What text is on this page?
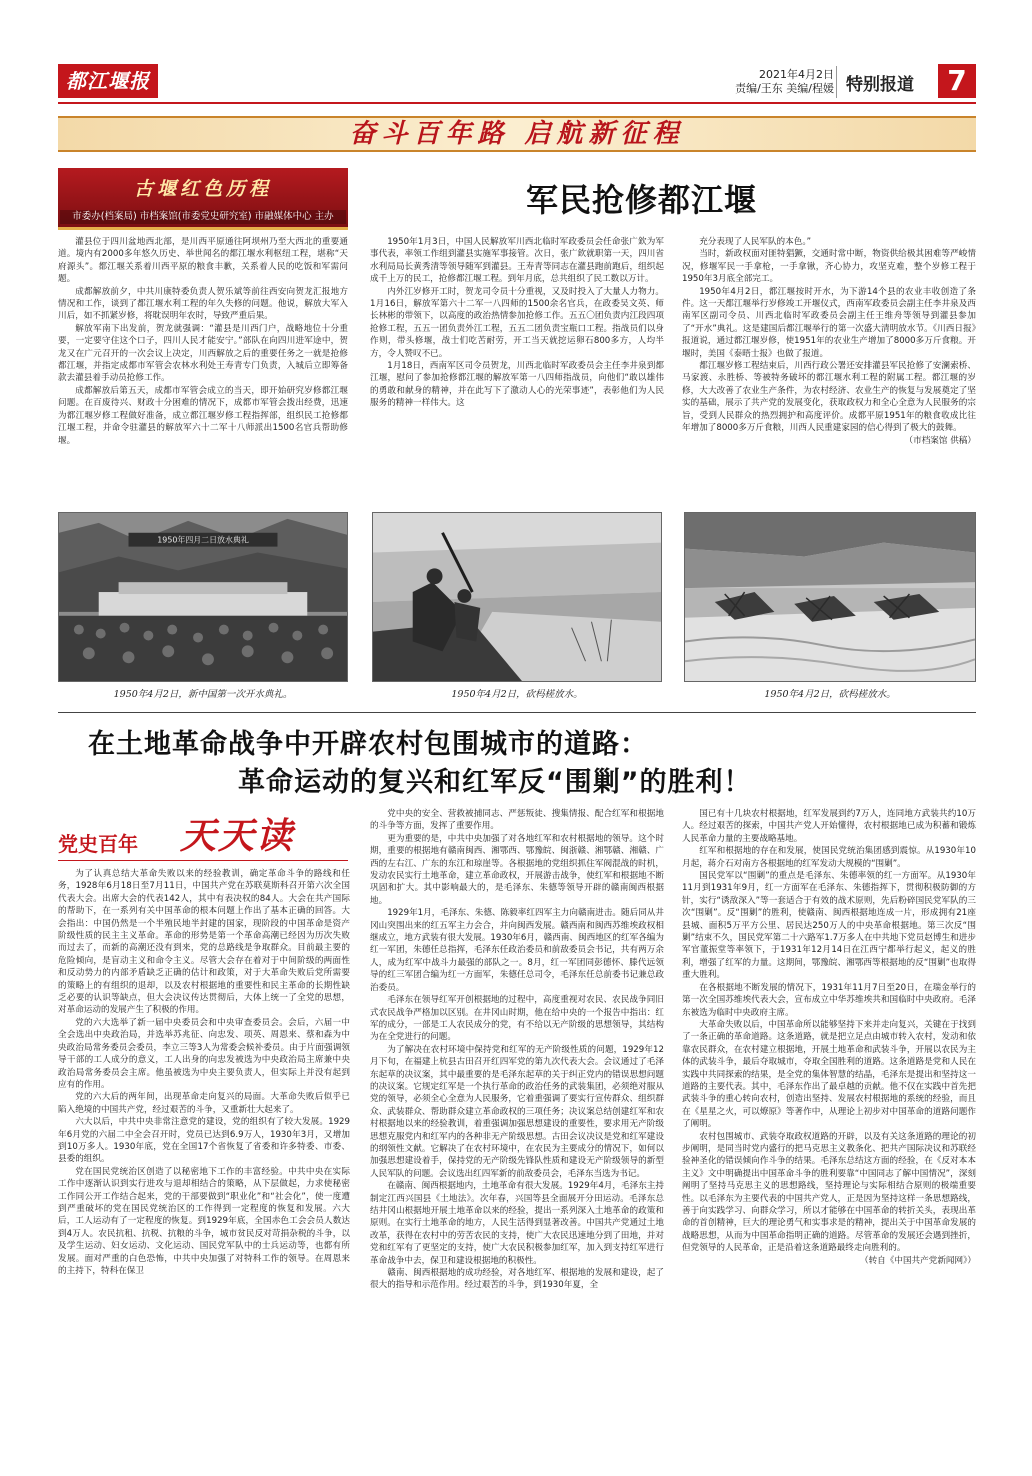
都江堰报	2021年4月2日
责编/王东 美编/程媛 特别报道	7
奋斗百年路 启航新征程
古堰红色历程
市委办(档案局) 市档案馆(市委党史研究室) 市融媒体中心 主办	军民抢修都江堰

灌县位于四川盆地西北部，是川西平原通往阿坝州乃至大西北的重要通道。境内有2000多年悠久历史、举世闻名的都江堰水利枢纽工程，堪称“天府源头”。都江堰关系着川西平原的粮食丰歉，关系着人民的吃饭和军需问题。

成都解放前夕，中共川康特委负责人贺乐斌等前往西安向贺龙汇报地方情况和工作，谈到了都江堰水利工程的年久失修的问题。他说，解放大军入川后，如不抓紧岁修，将耽误明年农时，导致严重后果。

解放军南下出发前，贺龙就强调：“灌县是川西门户，战略地位十分重要，一定要守住这个口子，四川人民才能安宁。”部队在向四川进军途中，贺龙又在广元召开的一次会议上决定，川西解放之后的重要任务之一就是抢修都江堰，并指定成都市军管会农林水利处王寿青专门负责，入城后立即筹备款去灌县着手动员抢修工作。

成都解放后第五天，成都市军管会成立的当天，即开始研究岁修都江堰问题。在百废待兴、财政十分困难的情况下，成都市军管会拨出经费，迅速为都江堰岁修工程做好准备，成立都江堰岁修工程指挥部，组织民工抢修都江堰工程，并命令驻灌县的解放军六十二军十八师派出1500名官兵帮助修堰。

1950年1月3日，中国人民解放军川西北临时军政委员会任命张广欽为军事代表，率领工作组到灌县实施军事接管。次日，张广欽就职第一天，四川省水利局局长黄秀清等领导随军到灌县。王寿青等同志在灌县跑前跑后，组织起成千上万的民工，抢修都江堰工程。到年月底，总共组织了民工数以万计。

内外江岁修开工时，贺龙司令员十分重视，又及时投入了大量人力物力。1月16日，解放军第六十二军一八四师的1500余名官兵，在政委吴文英、师长林彬的带领下，以高度的政治热情参加抢修工作。五五〇团负责内江段四项抢修工程，五五一团负责外江工程，五五二团负责宝瓶口工程。指战员们以身作则，带头修堰，战士们吃苦耐劳，开工当天就挖运卵石800多方，人均半方，令人赞叹不已。

1月18日，西南军区司令员贺龙，川西北临时军政委员会主任李井泉到都江堰，慰问了参加抢修都江堰的解放军第一八四师指战员，向他们“敢以雄伟的勇敢和献身的精神，并在此写下了激动人心的光荣事迹”，表彰他们为人民服务的精神一样伟大。这

充分表现了人民军队的本色。”

当时，新政权面对匪特猖獗，交通时常中断，物资供给极其困难等严峻情况，修堰军民一手拿枪，一手拿锹，齐心协力，攻坚克难，整个岁修工程于1950年3月底全部完工。

1950年4月2日，都江堰按时开水，为下游14个县的农业丰收创造了条件。这一天都江堰举行岁修竣工开堰仪式，西南军政委员会副主任李井泉及西南军区副司令员、川西北临时军政委员会副主任王维舟等领导到灌县参加了“开水”典礼。这是建国后都江堰举行的第一次盛大清明放水节。《川西日报》报道说，通过都江堰岁修，使1951年的农业生产增加了8000多万斤食粮。开堰时，美国《泰晤士报》也做了报道。

都江堰岁修工程结束后，川西行政公署还安排灌县军民抢修了安澜索桥、马家渡、永胜桥、等被特务破坏的都江堰水利工程的附属工程。都江堰的岁修，大大改善了农业生产条件，为农村经济、农业生产的恢复与发展奠定了坚实的基础，展示了共产党的发展变化，获取政权力和全心全意为人民服务的宗旨，受到人民群众的热烈拥护和高度评价。成都平原1951年的粮食收成比往年增加了8000多万斤食粮，川西人民重建家园的信心得到了极大的鼓舞。

（市档案馆 供稿）

1950年四月二日放水典礼
1950年4月2日，新中国第一次开水典礼。	1950年4月2日，砍杩槎放水。	1950年4月2日，砍杩槎放水。
在土地革命战争中开辟农村包围城市的道路：
革命运动的复兴和红军反“围剿”的胜利！
党史百年 天天读

为了认真总结大革命失败以来的经验教训，确定革命斗争的路线和任务，1928年6月18日至7月11日，中国共产党在苏联莫斯科召开第六次全国代表大会。出席大会的代表142人，其中有表决权的84人。大会在共产国际的帮助下，在一系列有关中国革命的根本问题上作出了基本正确的回答。大会指出：中国仍然是一个半殖民地半封建的国家，现阶段的中国革命是资产阶级性质的民主主义革命。革命的形势是第一个革命高潮已经因为历次失败而过去了，而新的高潮还没有到来，党的总路线是争取群众。目前最主要的危险倾向，是盲动主义和命令主义。尽管大会存在着对于中间阶级的两面性和反动势力的内部矛盾缺乏正确的估计和政策，对于大革命失败后党所需要的策略上的有组织的退却，以及农村根据地的重要性和民主革命的长期性缺乏必要的认识等缺点，但大会决议传达贯彻后，大体上统一了全党的思想，对革命运动的发展产生了积极的作用。

党的六大选举了新一届中央委员会和中央审查委员会。会后，六届一中全会选出中央政治局，并选举苏兆征、向忠发、项英、周恩来、蔡和森为中央政治局常务委员会委员，李立三等3人为常委会候补委员。由于片面强调领导干部的工人成分的意义，工人出身的向忠发被选为中央政治局主席兼中央政治局常务委员会主席。他虽被选为中央主要负责人，但实际上并没有起到应有的作用。

党的六大后的两年间，出现革命走向复兴的局面。大革命失败后似乎已陷入绝境的中国共产党，经过艰苦的斗争，又重新壮大起来了。

六大以后，中共中央非常注意党的建设，党的组织有了较大发展。1929年6月党的六届二中全会召开时，党员已达到6.9万人，1930年3月，又增加到10万多人。1930年底，党在全国17个省恢复了省委和许多特委、市委、县委的组织。

党在国民党统治区创造了以秘密地下工作的丰富经验。中共中央在实际工作中逐渐认识到实行进攻与退却相结合的策略，从下层做起，力求使秘密工作同公开工作结合起来，党的干部要做到“职业化”和“社会化”，使一度遭到严重破坏的党在国民党统治区的工作得到一定程度的恢复和发展。六大后，工人运动有了一定程度的恢复。到1929年底，全国赤色工会会员人数达到4万人。农民抗租、抗税、抗粮的斗争，城市贫民反对苛捐杂税的斗争，以及学生运动、妇女运动、文化运动、国民党军队中的士兵运动等，也都有所发展。面对严重的白色恐怖，中共中央加强了对特科工作的领导。在周恩来的主持下，特科在保卫

党中央的安全、营救被捕同志、严惩叛徒、搜集情报、配合红军和根据地的斗争等方面，发挥了重要作用。

更为重要的是，中共中央加强了对各地红军和农村根据地的领导。这个时期，重要的根据地有赣南闽西、湘鄂西、鄂豫皖、闽浙赣、湘鄂赣、湘赣、广西的左右江、广东的东江和琼崖等。各根据地的党组织抓住军阀混战的时机，发动农民实行土地革命，建立革命政权，开展游击战争，使红军和根据地不断巩固和扩大。其中影响最大的，是毛泽东、朱德等领导开辟的赣南闽西根据地。

1929年1月，毛泽东、朱德、陈毅率红四军主力向赣南进击。随后同从井冈山突围出来的红五军主力会合，并向闽西发展。赣西南和闽西苏维埃政权相继成立，地方武装有很大发展。1930年6月，赣西南、闽西地区的红军各编为红一军团，朱德任总指挥，毛泽东任政治委员和前敌委员会书记，共有两万余人，成为红军中战斗力最强的部队之一。8月，红一军团同彭德怀、滕代远领导的红三军团合编为红一方面军，朱德任总司令，毛泽东任总前委书记兼总政治委员。

毛泽东在领导红军开创根据地的过程中，高度重视对农民、农民战争同旧式农民战争严格加以区别。在井冈山时期，他在给中央的一个报告中指出：红军的成分，一部是工人农民成分的党，有不给以无产阶级的思想领导，其结构为在全党进行的问题。

为了解决在农村环境中保持党和红军的无产阶级性质的问题，1929年12月下旬，在福建上杭县古田召开红四军党的第九次代表大会。会议通过了毛泽东起草的决议案，其中最重要的是毛泽东起草的关于纠正党内的错误思想问题的决议案。它规定红军是一个执行革命的政治任务的武装集团，必须绝对服从党的领导，必须全心全意为人民服务，它着重强调了要实行宣传群众、组织群众、武装群众、帮助群众建立革命政权的三项任务；决议案总结创建红军和农村根据地以来的经验教训，着重强调加强思想建设的重要性，要求用无产阶级思想克服党内和红军内的各种非无产阶级思想。古田会议决议是党和红军建设的纲领性文献。它解决了在农村环境中，在农民为主要成分的情况下，如何以加强思想建设着手，保持党的无产阶级先锋队性质和建设无产阶级领导的新型人民军队的问题。会议选出红四军新的前敌委员会，毛泽东当选为书记。

在赣南、闽西根据地内，土地革命有很大发展。1929年4月，毛泽东主持制定江西兴国县《土地法》。次年春，兴国等县全面展开分田运动。毛泽东总结井冈山根据地开展土地革命以来的经验，提出一系列深入土地革命的政策和原则。在实行土地革命的地方，人民生活得到显著改善。中国共产党通过土地改革，获得在农村中的劳苦农民的支持，使广大农民迅速地分到了田地，并对党和红军有了更坚定的支持，使广大农民积极参加红军，加入到支持红军进行革命战争中去，保卫和建设根据地的积极性。

赣南、闽西根据地的成功经验，对各地红军、根据地的发展和建设，起了很大的指导和示范作用。经过艰苦的斗争，到1930年夏，全

国已有十几块农村根据地，红军发展到约7万人，连同地方武装共约10万人。经过艰苦的探索，中国共产党人开始懂得，农村根据地已成为积蓄和锻炼人民革命力量的主要战略基地。

红军和根据地的存在和发展，使国民党统治集团感到震惊。从1930年10月起，蒋介石对南方各根据地的红军发动大规模的“围剿”。

国民党军以“围剿”的重点是毛泽东、朱德率领的红一方面军。从1930年11月到1931年9月，红一方面军在毛泽东、朱德指挥下，贯彻积极防御的方针，实行“诱敌深入”等一套适合于有效的战术原则，先后粉碎国民党军队的三次“围剿”。反“围剿”的胜利，使赣南、闽西根据地连成一片，形成拥有21座县城、面积5万平方公里、居民达250万人的中央革命根据地。第三次反“围剿”结束不久，国民党军第二十六路军1.7万多人在中共地下党员赵博生和进步军官董振堂等率领下，于1931年12月14日在江西宁都举行起义，起义的胜利，增强了红军的力量。这期间，鄂豫皖、湘鄂西等根据地的反“围剿”也取得重大胜利。

在各根据地不断发展的情况下，1931年11月7日至20日，在瑞金举行的第一次全国苏维埃代表大会，宣布成立中华苏维埃共和国临时中央政府。毛泽东被选为临时中央政府主席。

大革命失败以后，中国革命所以能够坚持下来并走向复兴，关键在于找到了一条正确的革命道路。这条道路，就是把立足点由城市转入农村，发动和依靠农民群众，在农村建立根据地，开展土地革命和武装斗争，开展以农民为主体的武装斗争，最后夺取城市，夺取全国胜利的道路。这条道路是党和人民在实践中共同探索的结果，是全党的集体智慧的结晶，毛泽东是提出和坚持这一道路的主要代表。其中，毛泽东作出了最卓越的贡献。他不仅在实践中首先把武装斗争的重心转向农村，创造出坚持、发展农村根据地的系统的经验，而且在《星星之火，可以燎原》等著作中，从理论上初步对中国革命的道路问题作了阐明。

农村包围城市、武装夺取政权道路的开辟，以及有关这条道路的理论的初步阐明，是同当时党内盛行的把马克思主义教条化、把共产国际决议和苏联经验神圣化的错误倾向作斗争的结果。毛泽东总结这方面的经验，在《反对本本主义》文中明确提出中国革命斗争的胜利要靠“中国同志了解中国情况”，深刻阐明了坚持马克思主义的思想路线，坚持理论与实际相结合原则的极端重要性。以毛泽东为主要代表的中国共产党人，正是因为坚持这样一条思想路线，善于向实践学习、向群众学习，所以才能够在中国革命的转折关头，表现出革命的首创精神，巨大的理论勇气和实事求是的精神，提出关于中国革命发展的战略思想，从而为中国革命指明正确的道路。尽管革命的发展还会遇到挫折，但党领导的人民革命，正是沿着这条道路最终走向胜利的。

（转自《中国共产党新闻网》）
